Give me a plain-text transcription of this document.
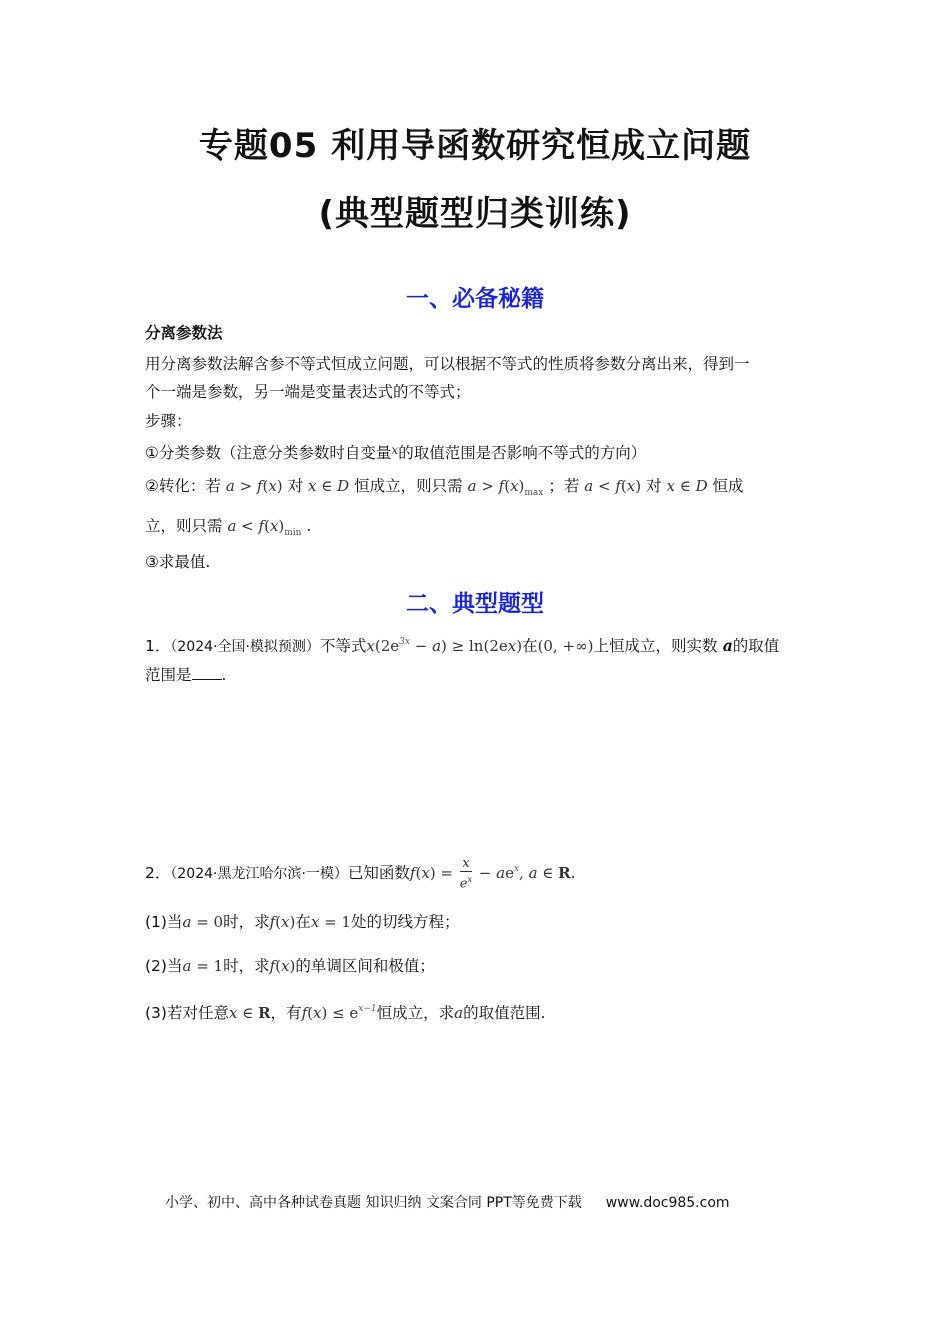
专题05 利用导函数研究恒成立问题
(典型题型归类训练)
一、必备秘籍
分离参数法
用分离参数法解含参不等式恒成立问题，可以根据不等式的性质将参数分离出来，得到一
个一端是参数，另一端是变量表达式的不等式；
步骤：
①分类参数（注意分类参数时自变量$^x$的取值范围是否影响不等式的方向）
②转化：若 a > f(x) 对 x ∈ D 恒成立，则只需 $a > f(x)_{max}$ ；若 a < f(x) 对 x ∈ D 恒成
立，则只需 $a < f(x)_{min}$ .
③求最值.
二、典型题型
1．（2024·全国·模拟预测）不等式$x(2e^{3x} - a) \ge \ln(2ex)$在(0, +∞)上恒成立，则实数 a的取值
范围是 .
2．（2024·黑龙江哈尔滨·一模）已知函数$f(x) = \frac{x}{e^x} - ae^x$, a ∈ R.
(1)当a = 0时，求f(x)在x = 1处的切线方程；
(2)当a = 1时，求f(x)的单调区间和极值；
(3)若对任意x ∈ R，有$f(x) \le e^{x-1}$恒成立，求a的取值范围.
小学、初中、高中各种试卷真题 知识归纳 文案合同 PPT等免费下载 www.doc985.com
